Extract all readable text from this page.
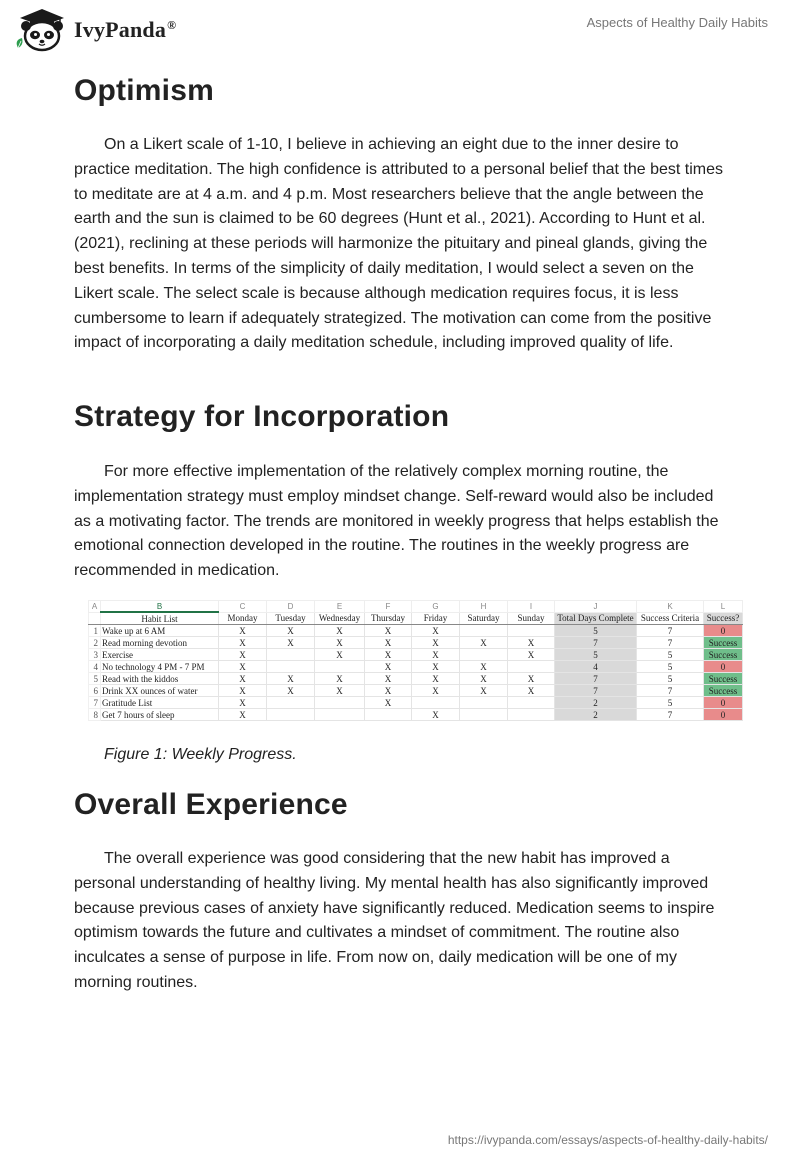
IvyPanda®	Aspects of Healthy Daily Habits
Optimism

On a Likert scale of 1-10, I believe in achieving an eight due to the inner desire to practice meditation. The high confidence is attributed to a personal belief that the best times to meditate are at 4 a.m. and 4 p.m. Most researchers believe that the angle between the earth and the sun is claimed to be 60 degrees (Hunt et al., 2021). According to Hunt et al. (2021), reclining at these periods will harmonize the pituitary and pineal glands, giving the best benefits. In terms of the simplicity of daily meditation, I would select a seven on the Likert scale. The select scale is because although medication requires focus, it is less cumbersome to learn if adequately strategized. The motivation can come from the positive impact of incorporating a daily meditation schedule, including improved quality of life.

Strategy for Incorporation

For more effective implementation of the relatively complex morning routine, the implementation strategy must employ mindset change. Self-reward would also be included as a motivating factor. The trends are monitored in weekly progress that helps establish the emotional connection developed in the routine. The routines in the weekly progress are recommended in medication.

A	B	C	D	E	F	G	H	I	J	K	L
	Habit List	Monday	Tuesday	Wednesday	Thursday	Friday	Saturday	Sunday	Total Days Complete	Success Criteria	Success?
1	Wake up at 6 AM	X	X	X	X	X			5	7	0
2	Read morning devotion	X	X	X	X	X	X	X	7	7	Success
3	Exercise	X		X	X	X		X	5	5	Success
4	No technology 4 PM - 7 PM	X			X	X	X		4	5	0
5	Read with the kiddos	X	X	X	X	X	X	X	7	5	Success
6	Drink XX ounces of water	X	X	X	X	X	X	X	7	7	Success
7	Gratitude List	X			X				2	5	0
8	Get 7 hours of sleep	X				X			2	7	0

Figure 1: Weekly Progress.

Overall Experience

The overall experience was good considering that the new habit has improved a personal understanding of healthy living. My mental health has also significantly improved because previous cases of anxiety have significantly reduced. Medication seems to inspire optimism towards the future and cultivates a mindset of commitment. The routine also inculcates a sense of purpose in life. From now on, daily medication will be one of my morning routines.

https://ivypanda.com/essays/aspects-of-healthy-daily-habits/
